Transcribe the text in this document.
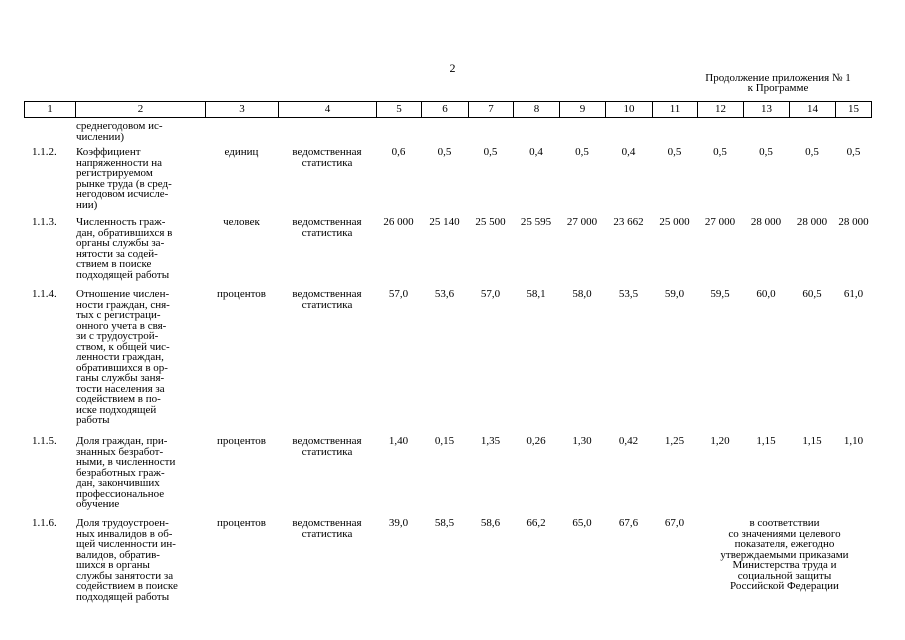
2
Продолжение приложения № 1
к Программе
1	2	3	4	5	6	7	8	9	10	11	12	13	14	15
среднегодовом ис-
числении)
1.1.2.	Коэффициент
напряженности на
регистрируемом
рынке труда (в сред-
негодовом исчисле-
нии)
единиц	ведомственная
статистика
0,6	0,5	0,5	0,4	0,5	0,4	0,5	0,5	0,5	0,5	0,5
1.1.3.	Численность граж-
дан, обратившихся в
органы службы за-
нятости за содей-
ствием в поиске
подходящей работы
человек	ведомственная
статистика
26 000	25 140	25 500	25 595	27 000	23 662	25 000	27 000	28 000	28 000	28 000
1.1.4.	Отношение числен-
ности граждан, сня-
тых с регистраци-
онного учета в свя-
зи с трудоустрой-
ством, к общей чис-
ленности граждан,
обратившихся в ор-
ганы службы заня-
тости населения за
содействием в по-
иске подходящей
работы
процентов	ведомственная
статистика
57,0	53,6	57,0	58,1	58,0	53,5	59,0	59,5	60,0	60,5	61,0
1.1.5.	Доля граждан, при-
знанных безработ-
ными, в численности
безработных граж-
дан, закончивших
профессиональное
обучение
процентов	ведомственная
статистика
1,40	0,15	1,35	0,26	1,30	0,42	1,25	1,20	1,15	1,15	1,10
1.1.6.	Доля трудоустроен-
ных инвалидов в об-
щей численности ин-
валидов, обратив-
шихся в органы
службы занятости за
содействием в поиске
подходящей работы
процентов	ведомственная
статистика
39,0	58,5	58,6	66,2	65,0	67,6	67,0	в соответствии
со значениями целевого
показателя, ежегодно
утверждаемыми приказами
Министерства труда и
социальной защиты
Российской Федерации
